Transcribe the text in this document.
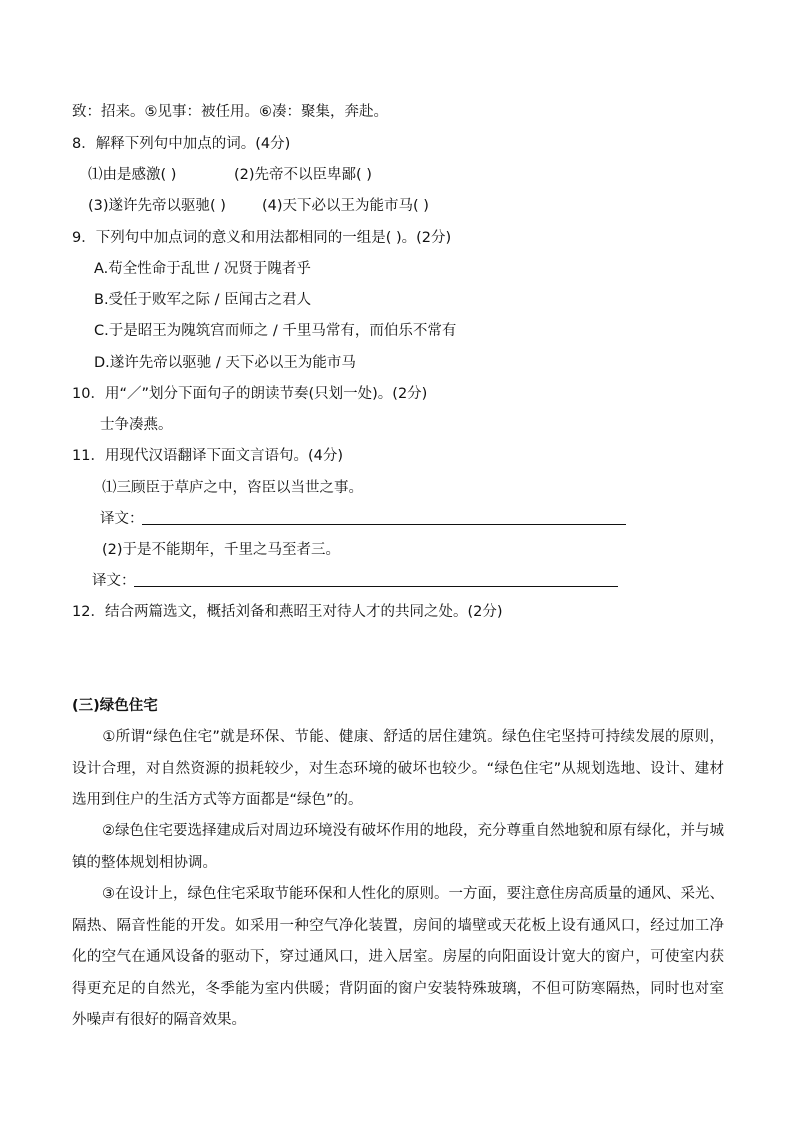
致：招来。⑤见事：被任用。⑥凑：聚集，奔赴。
8．解释下列句中加点的词。(4分)
⑴由是感激( )	(2)先帝不以臣卑鄙( )
(3)遂许先帝以驱驰( ) (4)天下必以王为能市马( )
9．下列句中加点词的意义和用法都相同的一组是( )。(2分)
A.苟全性命于乱世 / 况贤于隗者乎
B.受任于败军之际 / 臣闻古之君人
C.于是昭王为隗筑宫而师之 / 千里马常有，而伯乐不常有
D.遂许先帝以驱驰 / 天下必以王为能市马
10．用“／”划分下面句子的朗读节奏(只划一处)。(2分)
士争凑燕。
11．用现代汉语翻译下面文言语句。(4分)
⑴三顾臣于草庐之中，咨臣以当世之事。
译文：
(2)于是不能期年，千里之马至者三。
译文：
12．结合两篇选文，概括刘备和燕昭王对待人才的共同之处。(2分)
(三)绿色住宅
①所谓“绿色住宅”就是环保、节能、健康、舒适的居住建筑。绿色住宅坚持可持续发展的原则，设计合理，对自然资源的损耗较少，对生态环境的破坏也较少。“绿色住宅”从规划选地、设计、建材选用到住户的生活方式等方面都是“绿色”的。
②绿色住宅要选择建成后对周边环境没有破坏作用的地段，充分尊重自然地貌和原有绿化，并与城镇的整体规划相协调。
③在设计上，绿色住宅采取节能环保和人性化的原则。一方面，要注意住房高质量的通风、采光、隔热、隔音性能的开发。如采用一种空气净化装置，房间的墙壁或天花板上设有通风口，经过加工净化的空气在通风设备的驱动下，穿过通风口，进入居室。房屋的向阳面设计宽大的窗户，可使室内获得更充足的自然光，冬季能为室内供暖；背阴面的窗户安装特殊玻璃，不但可防寒隔热，同时也对室外噪声有很好的隔音效果。
